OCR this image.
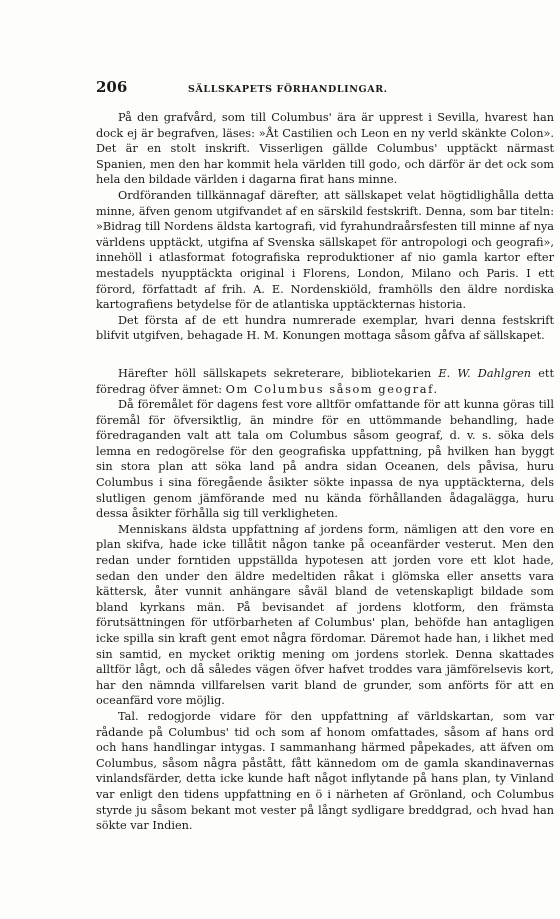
206	SÄLLSKAPETS FÖRHANDLINGAR.

På den grafvård, som till Columbus' ära är upprest i Sevilla, hvarest han dock ej är begrafven, läses: »Åt Castilien och Leon en ny verld skänkte Colon». Det är en stolt inskrift. Visserligen gällde Columbus' upptäckt närmast Spanien, men den har kommit hela världen till godo, och därför är det ock som hela den bildade världen i dagarna firat hans minne.

Ordföranden tillkännagaf därefter, att sällskapet velat högtidlighålla detta minne, äfven genom utgifvandet af en särskild festskrift. Denna, som bar titeln: »Bidrag till Nordens äldsta kartografi, vid fyrahundraårsfesten till minne af nya världens upptäckt, utgifna af Svenska sällskapet för antropologi och geografi», innehöll i atlasformat fotografiska reproduktioner af nio gamla kartor efter mestadels nyupptäckta original i Florens, London, Milano och Paris. I ett förord, författadt af frih. A. E. Nordenskiöld, framhölls den äldre nordiska kartografiens betydelse för de atlantiska upptäckternas historia.

Det första af de ett hundra numrerade exemplar, hvari denna festskrift blifvit utgifven, behagade H. M. Konungen mottaga såsom gåfva af sällskapet.

Härefter höll sällskapets sekreterare, bibliotekarien E. W. Dahlgren ett föredrag öfver ämnet: Om Columbus såsom geograf.

Då föremålet för dagens fest vore alltför omfattande för att kunna göras till föremål för öfversiktlig, än mindre för en uttömmande behandling, hade föredraganden valt att tala om Columbus såsom geograf, d. v. s. söka dels lemna en redogörelse för den geografiska uppfattning, på hvilken han byggt sin stora plan att söka land på andra sidan Oceanen, dels påvisa, huru Columbus i sina föregående åsikter sökte inpassa de nya upptäckterna, dels slutligen genom jämförande med nu kända förhållanden ådagalägga, huru dessa åsikter förhålla sig till verkligheten.

Menniskans äldsta uppfattning af jordens form, nämligen att den vore en plan skifva, hade icke tillåtit någon tanke på oceanfärder vesterut. Men den redan under forntiden uppställda hypotesen att jorden vore ett klot hade, sedan den under den äldre medeltiden råkat i glömska eller ansetts vara kättersk, åter vunnit anhängare såväl bland de vetenskapligt bildade som bland kyrkans män. På bevisandet af jordens klotform, den främsta förutsättningen för utförbarheten af Columbus' plan, behöfde han antagligen icke spilla sin kraft gent emot några fördomar. Däremot hade han, i likhet med sin samtid, en mycket oriktig mening om jordens storlek. Denna skattades alltför lågt, och då således vägen öfver hafvet troddes vara jämförelsevis kort, har den nämnda villfarelsen varit bland de grunder, som anförts för att en oceanfärd vore möjlig.

Tal. redogjorde vidare för den uppfattning af världskartan, som var rådande på Columbus' tid och som af honom omfattades, såsom af hans ord och hans handlingar intygas. I sammanhang härmed påpekades, att äfven om Columbus, såsom några påstått, fått kännedom om de gamla skandinavernas vinlandsfärder, detta icke kunde haft något inflytande på hans plan, ty Vinland var enligt den tidens uppfattning en ö i närheten af Grönland, och Columbus styrde ju såsom bekant mot vester på långt sydligare breddgrad, och hvad han sökte var Indien.
